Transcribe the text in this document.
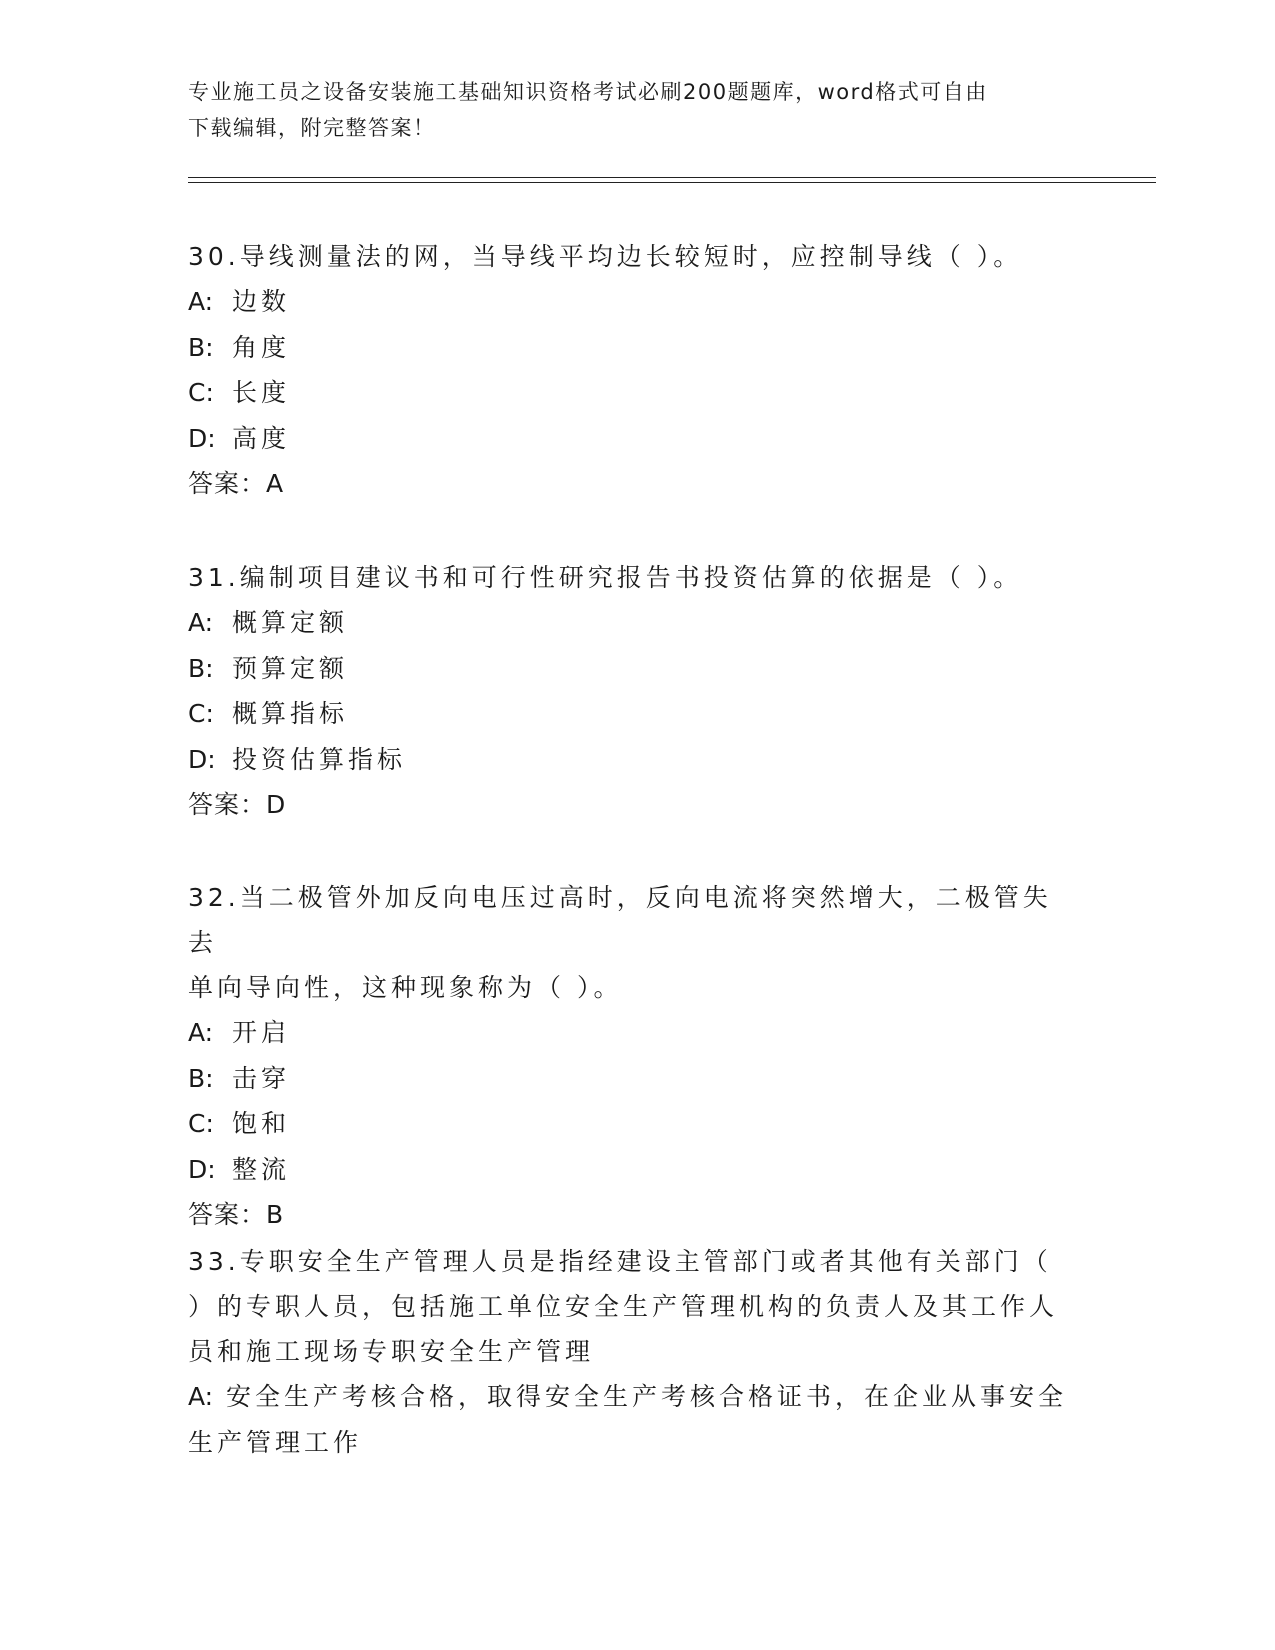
专业施工员之设备安装施工基础知识资格考试必刷200题题库，word格式可自由
下载编辑，附完整答案！
30.导线测量法的网，当导线平均边长较短时，应控制导线（ ）。
A: 边数
B: 角度
C: 长度
D: 高度
答案：A
31.编制项目建议书和可行性研究报告书投资估算的依据是（ ）。
A: 概算定额
B: 预算定额
C: 概算指标
D: 投资估算指标
答案：D
32.当二极管外加反向电压过高时，反向电流将突然增大，二极管失去
单向导向性，这种现象称为（ ）。
A: 开启
B: 击穿
C: 饱和
D: 整流
答案：B
33.专职安全生产管理人员是指经建设主管部门或者其他有关部门（
）的专职人员，包括施工单位安全生产管理机构的负责人及其工作人
员和施工现场专职安全生产管理
A: 安全生产考核合格，取得安全生产考核合格证书，在企业从事安全
生产管理工作
